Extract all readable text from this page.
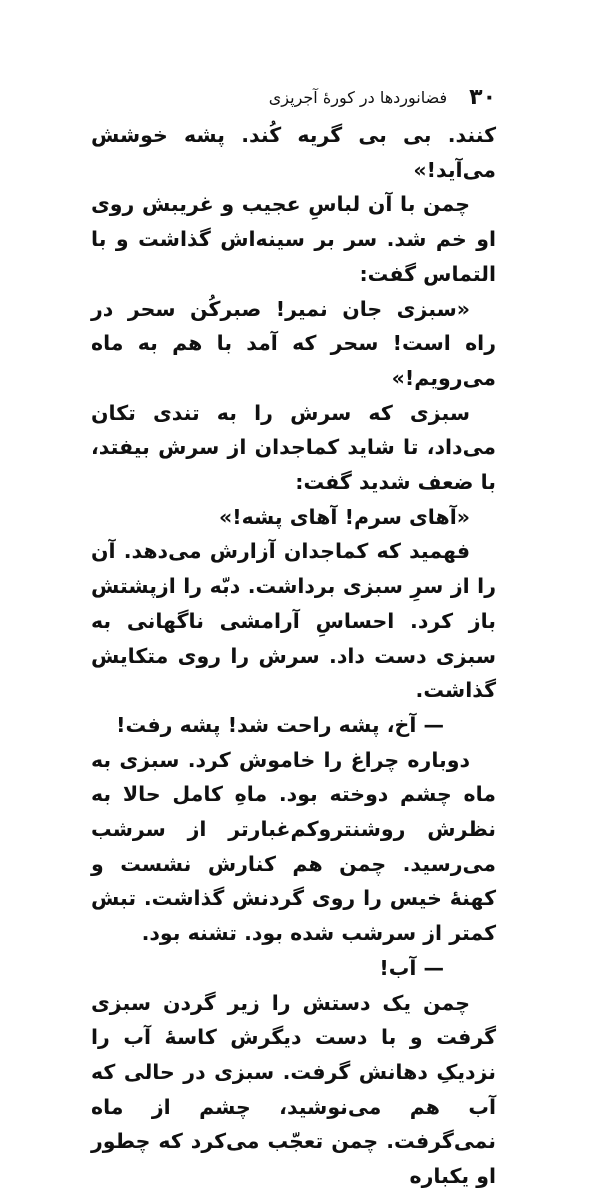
۳۰
فضانوردها در کورهٔ آجرپزی

کنند. بی بی گریه کُند. پشه خوشش می‌آید!»

چمن با آن لباسِ عجیب و غریبش روی او خم شد. سر بر سینه‌اش گذاشت و با التماس گفت:

«سبزی جان نمیر! صبرکُن سحر در راه است! سحر که آمد با هم به ماه می‌رویم!»

سبزی که سرش را به تندی تکان می‌داد، تا شاید کماجدان از سرش بیفتد، با ضعف شدید گفت:

«آهای سرم! آهای پشه!»

فهمید که کماجدان آزارش می‌دهد. آن را از سرِ سبزی برداشت. دبّه را ازپشتش باز کرد. احساسِ آرامشی ناگهانی به سبزی دست داد. سرش را روی متکایش گذاشت.

— آخ، پشه راحت شد! پشه رفت!

دوباره چراغ را خاموش کرد. سبزی به ماه چشم دوخته بود. ماهِ کامل حالا به نظرش روشنتروکم‌غبارتر از سرشب می‌رسید. چمن هم کنارش نشست و کهنهٔ خیس را روی گردنش گذاشت. تبش کمتر از سرشب شده بود. تشنه بود.

— آب!

چمن یک دستش را زیر گردن سبزی گرفت و با دست دیگرش کاسهٔ آب را نزدیکِ دهانش گرفت. سبزی در حالی که آب هم می‌نوشید، چشم از ماه نمی‌گرفت. چمن تعجّب می‌کرد که چطور او یکباره
